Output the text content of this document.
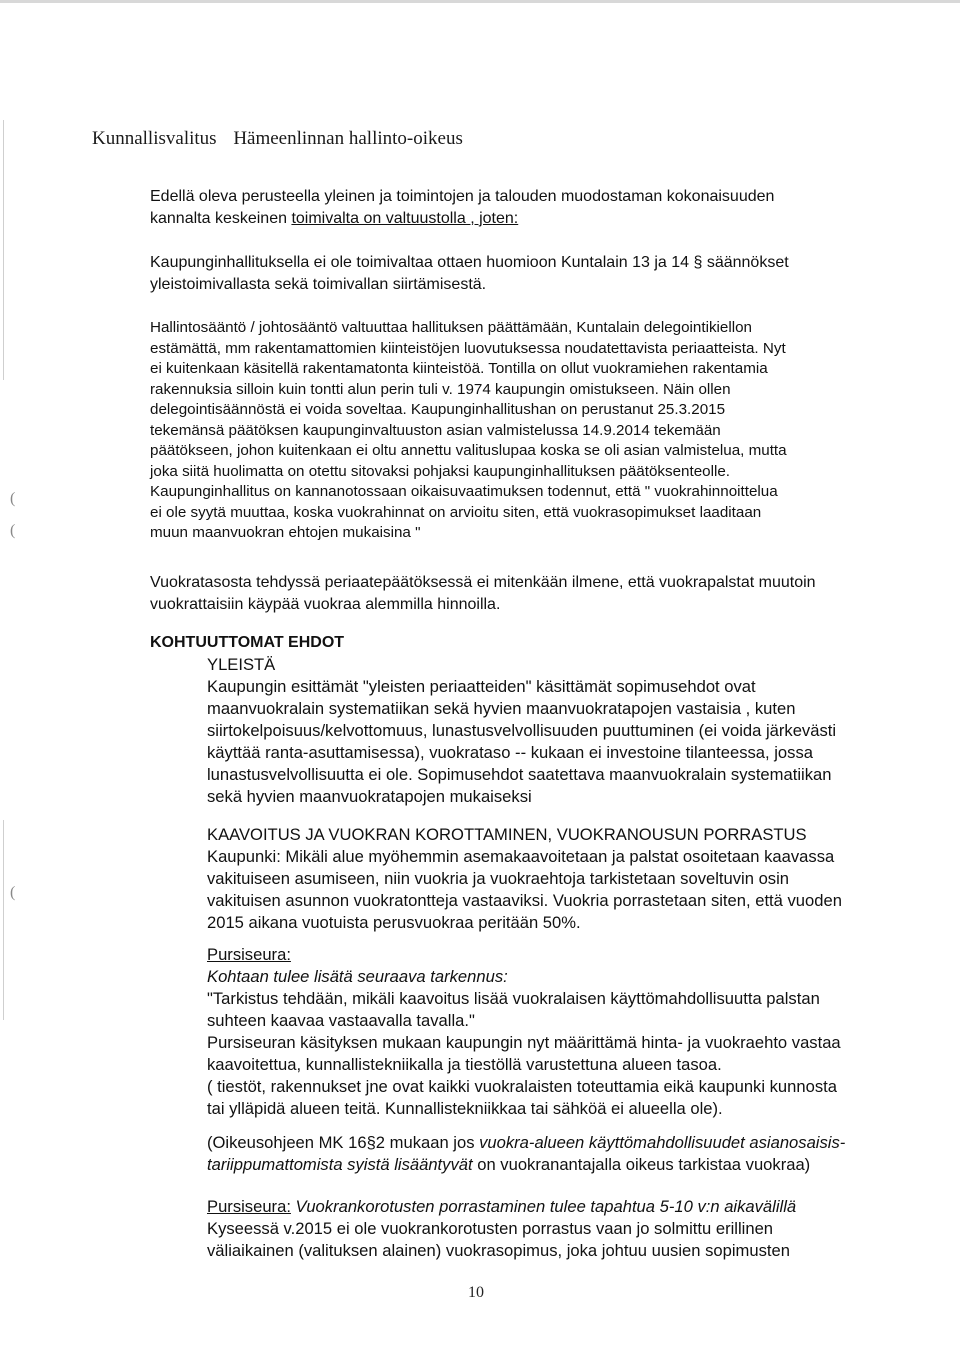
Kunnallisvalitus Hämeenlinnan hallinto-oikeus
Edellä oleva perusteella yleinen ja toimintojen ja talouden muodostaman kokonaisuuden
kannalta keskeinen toimivalta on valtuustolla , joten:
Kaupunginhallituksella ei ole toimivaltaa ottaen huomioon Kuntalain 13 ja 14 § säännökset
yleistoimivallasta sekä toimivallan siirtämisestä.
Hallintosääntö / johtosääntö valtuuttaa hallituksen päättämään, Kuntalain delegointikiellon
estämättä, mm rakentamattomien kiinteistöjen luovutuksessa noudatettavista periaatteista. Nyt
ei kuitenkaan käsitellä rakentamatonta kiinteistöä. Tontilla on ollut vuokramiehen rakentamia
rakennuksia silloin kuin tontti alun perin tuli v. 1974 kaupungin omistukseen. Näin ollen
delegointisäännöstä ei voida soveltaa. Kaupunginhallitushan on perustanut 25.3.2015
tekemänsä päätöksen kaupunginvaltuuston asian valmistelussa 14.9.2014 tekemään
päätökseen, johon kuitenkaan ei oltu annettu valituslupaa koska se oli asian valmistelua, mutta
joka siitä huolimatta on otettu sitovaksi pohjaksi kaupunginhallituksen päätöksenteolle.
Kaupunginhallitus on kannanotossaan oikaisuvaatimuksen todennut, että " vuokrahinnoittelua
ei ole syytä muuttaa, koska vuokrahinnat on arvioitu siten, että vuokrasopimukset laaditaan
muun maanvuokran ehtojen mukaisina "
Vuokratasosta tehdyssä periaatepäätöksessä ei mitenkään ilmene, että vuokrapalstat muutoin
vuokrattaisiin käypää vuokraa alemmilla hinnoilla.
KOHTUUTTOMAT EHDOT
YLEISTÄ
Kaupungin esittämät "yleisten periaatteiden" käsittämät sopimusehdot ovat
maanvuokralain systematiikan sekä hyvien maanvuokratapojen vastaisia , kuten
siirtokelpoisuus/kelvottomuus, lunastusvelvollisuuden puuttuminen (ei voida järkevästi
käyttää ranta-asuttamisessa), vuokrataso -- kukaan ei investoine tilanteessa, jossa
lunastusvelvollisuutta ei ole. Sopimusehdot saatettava maanvuokralain systematiikan
sekä hyvien maanvuokratapojen mukaiseksi
KAAVOITUS JA VUOKRAN KOROTTAMINEN, VUOKRANOUSUN PORRASTUS
Kaupunki: Mikäli alue myöhemmin asemakaavoitetaan ja palstat osoitetaan kaavassa
vakituiseen asumiseen, niin vuokria ja vuokraehtoja tarkistetaan soveltuvin osin
vakituisen asunnon vuokratontteja vastaaviksi. Vuokria porrastetaan siten, että vuoden
2015 aikana vuotuista perusvuokraa peritään 50%.
Pursiseura:
Kohtaan tulee lisätä seuraava tarkennus:
"Tarkistus tehdään, mikäli kaavoitus lisää vuokralaisen käyttömahdollisuutta palstan
suhteen kaavaa vastaavalla tavalla."
Pursiseuran käsityksen mukaan kaupungin nyt määrittämä hinta- ja vuokraehto vastaa
kaavoitettua, kunnallistekniikalla ja tiestöllä varustettuna alueen tasoa.
( tiestöt, rakennukset jne ovat kaikki vuokralaisten toteuttamia eikä kaupunki kunnosta
tai ylläpidä alueen teitä. Kunnallistekniikkaa tai sähköä ei alueella ole).
(Oikeusohjeen MK 16§2 mukaan jos vuokra-alueen käyttömahdollisuudet asianosaisis-
tariippumattomista syistä lisääntyvät on vuokranantajalla oikeus tarkistaa vuokraa)
Pursiseura: Vuokrankorotusten porrastaminen tulee tapahtua 5-10 v:n aikavälillä
Kyseessä v.2015 ei ole vuokrankorotusten porrastus vaan jo solmittu erillinen
väliaikainen (valituksen alainen) vuokrasopimus, joka johtuu uusien sopimusten
(
(
(
10
